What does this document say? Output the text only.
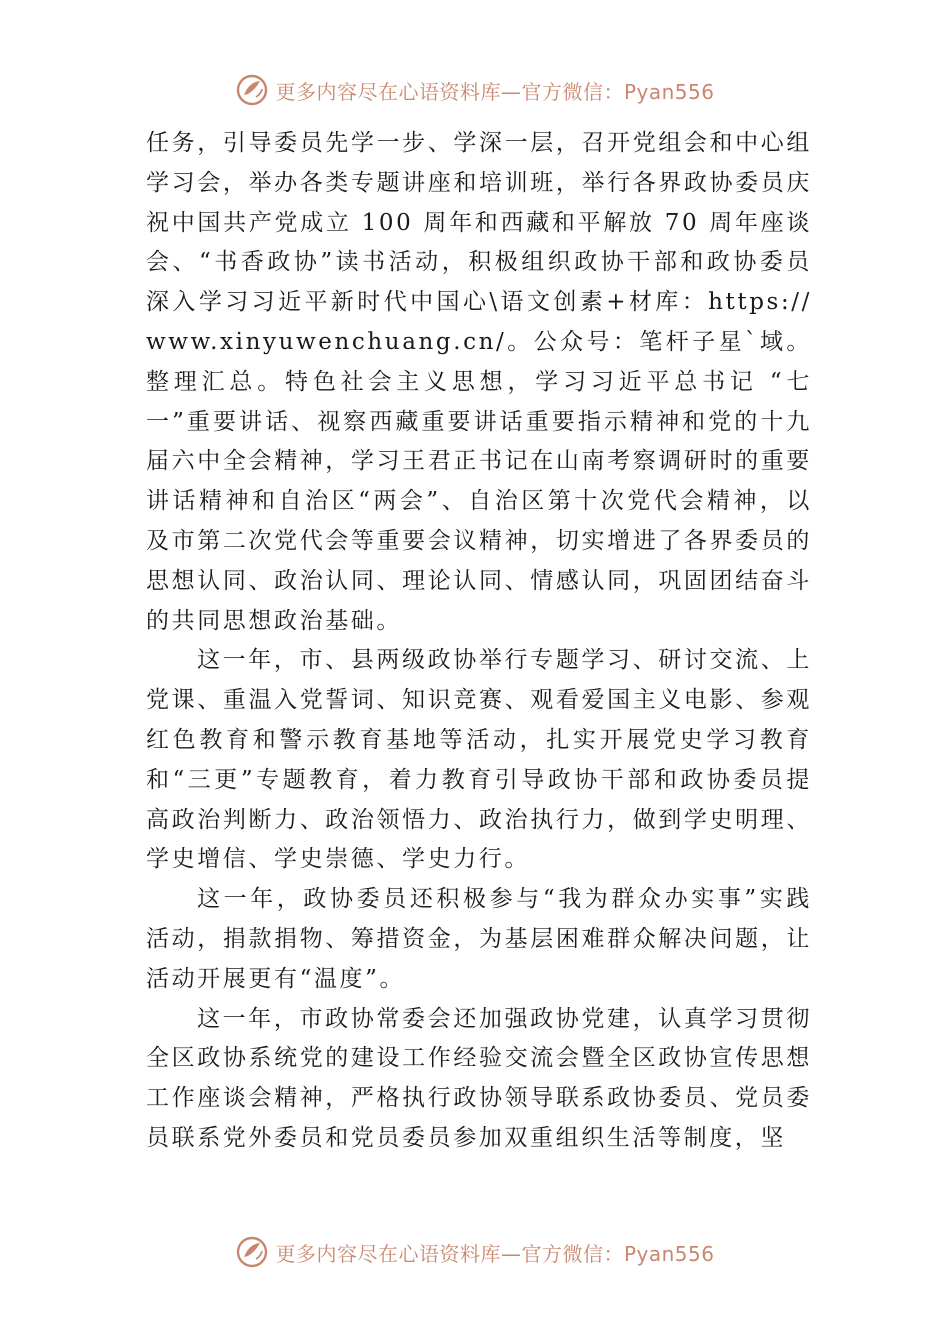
更多内容尽在心语资料库—官方微信：Pyan556

任务，引导委员先学一步、学深一层，召开党组会和中心组学习会，举办各类专题讲座和培训班，举行各界政协委员庆祝中国共产党成立 100 周年和西藏和平解放 70 周年座谈会、“书香政协”读书活动，积极组织政协干部和政协委员深入学习习近平新时代中国心\语文创素+材库：https://www.xinyuwenchuang.cn/。公众号：笔杆子星`域。整理汇总。特色社会主义思想，学习习近平总书记 “七一”重要讲话、视察西藏重要讲话重要指示精神和党的十九届六中全会精神，学习王君正书记在山南考察调研时的重要讲话精神和自治区“两会”、自治区第十次党代会精神，以及市第二次党代会等重要会议精神，切实增进了各界委员的思想认同、政治认同、理论认同、情感认同，巩固团结奋斗的共同思想政治基础。

这一年，市、县两级政协举行专题学习、研讨交流、上党课、重温入党誓词、知识竞赛、观看爱国主义电影、参观红色教育和警示教育基地等活动，扎实开展党史学习教育和“三更”专题教育，着力教育引导政协干部和政协委员提高政治判断力、政治领悟力、政治执行力，做到学史明理、学史增信、学史崇德、学史力行。

这一年，政协委员还积极参与“我为群众办实事”实践活动，捐款捐物、筹措资金，为基层困难群众解决问题，让活动开展更有“温度”。

这一年，市政协常委会还加强政协党建，认真学习贯彻全区政协系统党的建设工作经验交流会暨全区政协宣传思想工作座谈会精神，严格执行政协领导联系政协委员、党员委员联系党外委员和党员委员参加双重组织生活等制度，坚

更多内容尽在心语资料库—官方微信：Pyan556
